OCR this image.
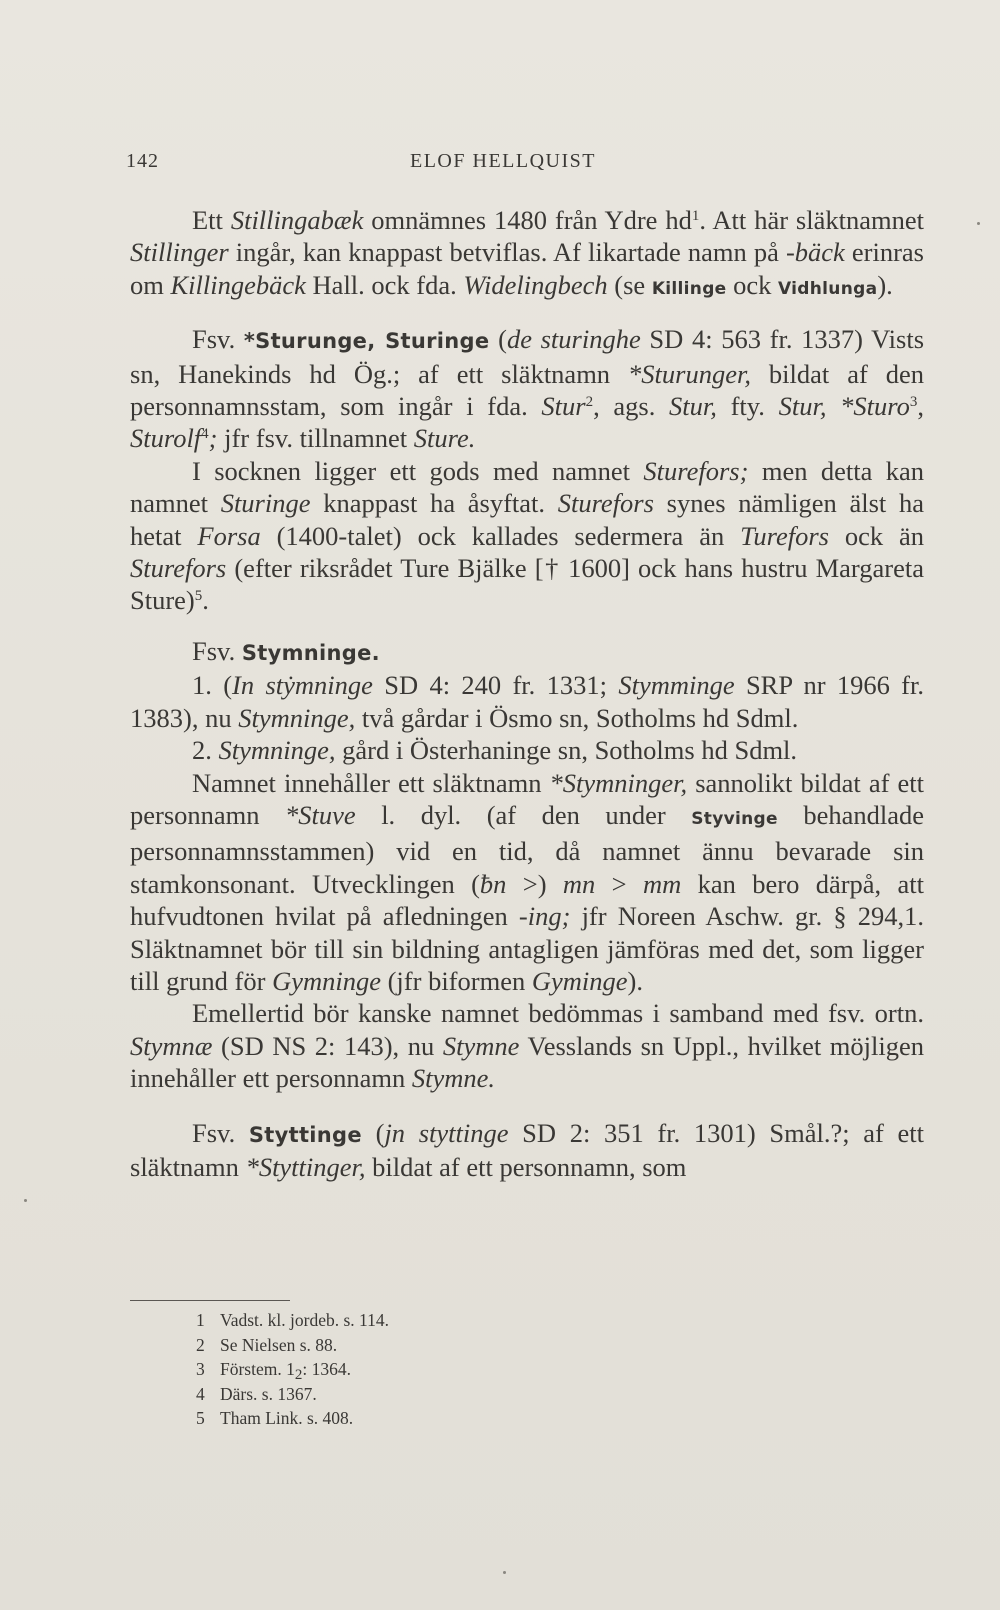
142	ELOF HELLQUIST

Ett Stillingabæk omnämnes 1480 från Ydre $hd^1$. Att här släktnamnet Stillinger ingår, kan knappast betviflas. Af likartade namn på -bäck erinras om Killingebäck Hall. ock fda. Widelingbech (se Killinge ock Vidhlunga).

Fsv. *Sturunge, Sturinge (de sturinghe SD 4: 563 fr. 1337) Vists sn, Hanekinds hd Ög.; af ett släktnamn *Sturunger, bildat af den personnamnsstam, som ingår i fda. Stur$^2$, ags. Stur, fty. Stur, *Sturo$^3$, Sturolf$^4$; jfr fsv. tillnamnet Sture.

I socknen ligger ett gods med namnet Sturefors; men detta kan namnet Sturinge knappast ha åsyftat. Sturefors synes nämligen älst ha hetat Forsa (1400-talet) ock kallades sedermera än Turefors ock än Sturefors (efter riksrådet Ture Bjälke [† 1600] ock hans hustru Margareta Sture)$^5$.

Fsv. Stymninge.

1. (In stẏmninge SD 4: 240 fr. 1331; Stymminge SRP nr 1966 fr. 1383), nu Stymninge, två gårdar i Ösmo sn, Sotholms hd Sdml.

2. Stymninge, gård i Österhaninge sn, Sotholms hd Sdml.

Namnet innehåller ett släktnamn *Stymninger, sannolikt bildat af ett personnamn *Stuve l. dyl. (af den under Styvinge behandlade personnamnsstammen) vid en tid, då namnet ännu bevarade sin stamkonsonant. Utvecklingen (ƀn >) mn > mm kan bero därpå, att hufvudtonen hvilat på afledningen -ing; jfr Noreen Aschw. gr. § 294,1. Släktnamnet bör till sin bildning antagligen jämföras med det, som ligger till grund för Gymninge (jfr biformen Gyminge).

Emellertid bör kanske namnet bedömmas i samband med fsv. ortn. Stymnæ (SD NS 2: 143), nu Stymne Vesslands sn Uppl., hvilket möjligen innehåller ett personnamn Stymne.

Fsv. Styttinge (jn styttinge SD 2: 351 fr. 1301) Smål.?; af ett släktnamn *Styttinger, bildat af ett personnamn, som

1 Vadst. kl. jordeb. s. 114.
2 Se Nielsen s. 88.
3 Förstem. 12: 1364.
4 Därs. s. 1367.
5 Tham Link. s. 408.
